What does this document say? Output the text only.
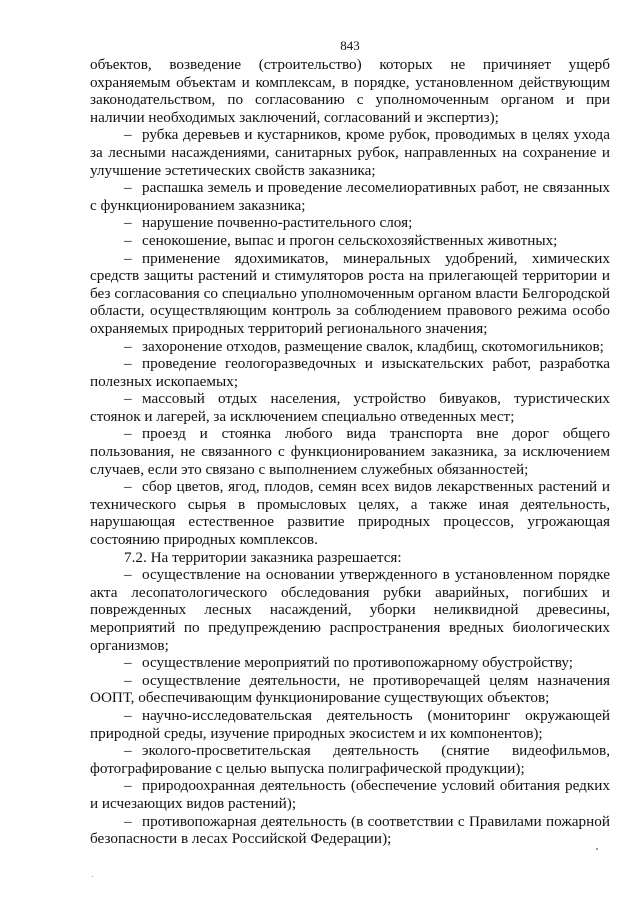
843

объектов, возведение (строительство) которых не причиняет ущерб охраняемым объектам и комплексам, в порядке, установленном действующим законодательством, по согласованию с уполномоченным органом и при наличии необходимых заключений, согласований и экспертиз);

– рубка деревьев и кустарников, кроме рубок, проводимых в целях ухода за лесными насаждениями, санитарных рубок, направленных на сохранение и улучшение эстетических свойств заказника;

– распашка земель и проведение лесомелиоративных работ, не связанных с функционированием заказника;

– нарушение почвенно-растительного слоя;

– сенокошение, выпас и прогон сельскохозяйственных животных;

– применение ядохимикатов, минеральных удобрений, химических средств защиты растений и стимуляторов роста на прилегающей территории и без согласования со специально уполномоченным органом власти Белгородской области, осуществляющим контроль за соблюдением правового режима особо охраняемых природных территорий регионального значения;

– захоронение отходов, размещение свалок, кладбищ, скотомогильников;

– проведение геологоразведочных и изыскательских работ, разработка полезных ископаемых;

– массовый отдых населения, устройство бивуаков, туристических стоянок и лагерей, за исключением специально отведенных мест;

– проезд и стоянка любого вида транспорта вне дорог общего пользования, не связанного с функционированием заказника, за исключением случаев, если это связано с выполнением служебных обязанностей;

– сбор цветов, ягод, плодов, семян всех видов лекарственных растений и технического сырья в промысловых целях, а также иная деятельность, нарушающая естественное развитие природных процессов, угрожающая состоянию природных комплексов.

7.2. На территории заказника разрешается:

– осуществление на основании утвержденного в установленном порядке акта лесопатологического обследования рубки аварийных, погибших и поврежденных лесных насаждений, уборки неликвидной древесины, мероприятий по предупреждению распространения вредных биологических организмов;

– осуществление мероприятий по противопожарному обустройству;

– осуществление деятельности, не противоречащей целям назначения ООПТ, обеспечивающим функционирование существующих объектов;

– научно-исследовательская деятельность (мониторинг окружающей природной среды, изучение природных экосистем и их компонентов);

– эколого-просветительская деятельность (снятие видеофильмов, фотографирование с целью выпуска полиграфической продукции);

– природоохранная деятельность (обеспечение условий обитания редких и исчезающих видов растений);

– противопожарная деятельность (в соответствии с Правилами пожарной безопасности в лесах Российской Федерации);
